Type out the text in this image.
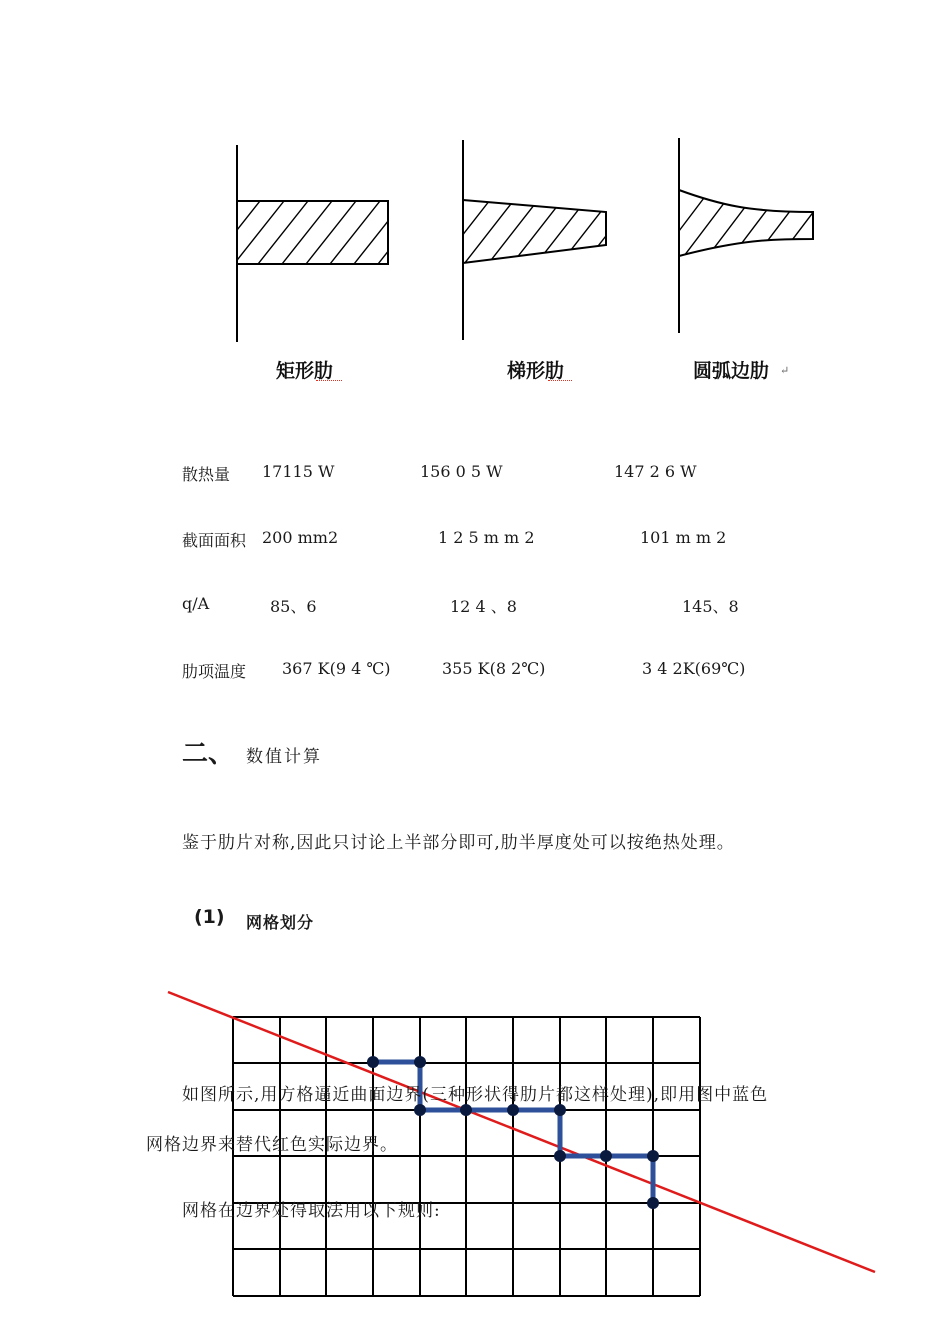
矩形肋	梯形肋	圆弧边肋 ↵
散热量 17115 W	156 0 5 W	147 2 6 W
截面面积 200 mm2	1 2 5 m m 2	101 m m 2
q/A	85、6	12 4 、8	145、8
肋项温度 367 K(9 4 ℃)	355 K(8 2℃)	3 4 2K(69℃)
二、 数值计算
鉴于肋片对称,因此只讨论上半部分即可,肋半厚度处可以按绝热处理。
(1) 网格划分
如图所示,用方格逼近曲面边界(三种形状得肋片都这样处理),即用图中蓝色
网格边界来替代红色实际边界。
网格在边界处得取法用以下规则:
